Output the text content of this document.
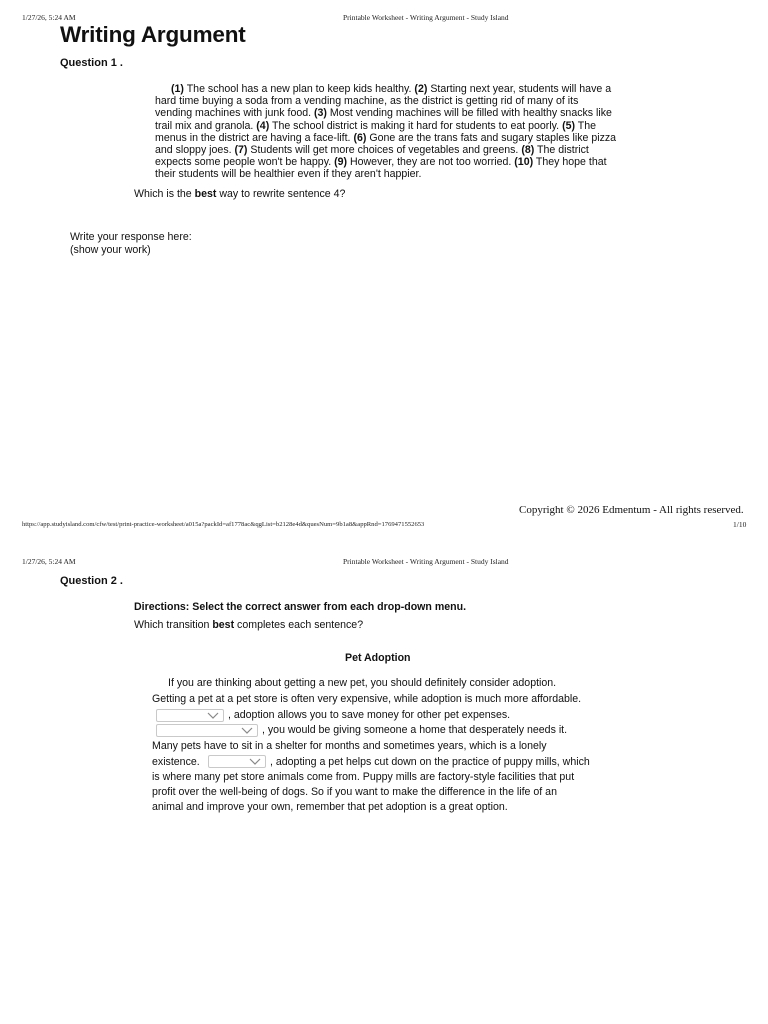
1/27/26, 5:24 AM	Printable Worksheet - Writing Argument - Study Island
Writing Argument
Question 1 .
(1) The school has a new plan to keep kids healthy. (2) Starting next year, students will have a hard time buying a soda from a vending machine, as the district is getting rid of many of its vending machines with junk food. (3) Most vending machines will be filled with healthy snacks like trail mix and granola. (4) The school district is making it hard for students to eat poorly. (5) The menus in the district are having a face-lift. (6) Gone are the trans fats and sugary staples like pizza and sloppy joes. (7) Students will get more choices of vegetables and greens. (8) The district expects some people won't be happy. (9) However, they are not too worried. (10) They hope that their students will be healthier even if they aren't happier.
Which is the best way to rewrite sentence 4?
Write your response here:
(show your work)
Copyright © 2026 Edmentum - All rights reserved.
https://app.studyisland.com/cfw/test/print-practice-worksheet/a015a?packId=af1778ac&qgList=b2128e4d&quesNum=9b1a8&appRnd=1769471552653	1/10
1/27/26, 5:24 AM	Printable Worksheet - Writing Argument - Study Island
Question 2 .
Directions: Select the correct answer from each drop-down menu.
Which transition best completes each sentence?
Pet Adoption
If you are thinking about getting a new pet, you should definitely consider adoption.
Getting a pet at a pet store is often very expensive, while adoption is much more affordable.
, adoption allows you to save money for other pet expenses.
, you would be giving someone a home that desperately needs it.
Many pets have to sit in a shelter for months and sometimes years, which is a lonely
existence.	, adopting a pet helps cut down on the practice of puppy mills, which
is where many pet store animals come from. Puppy mills are factory-style facilities that put
profit over the well-being of dogs. So if you want to make the difference in the life of an
animal and improve your own, remember that pet adoption is a great option.
